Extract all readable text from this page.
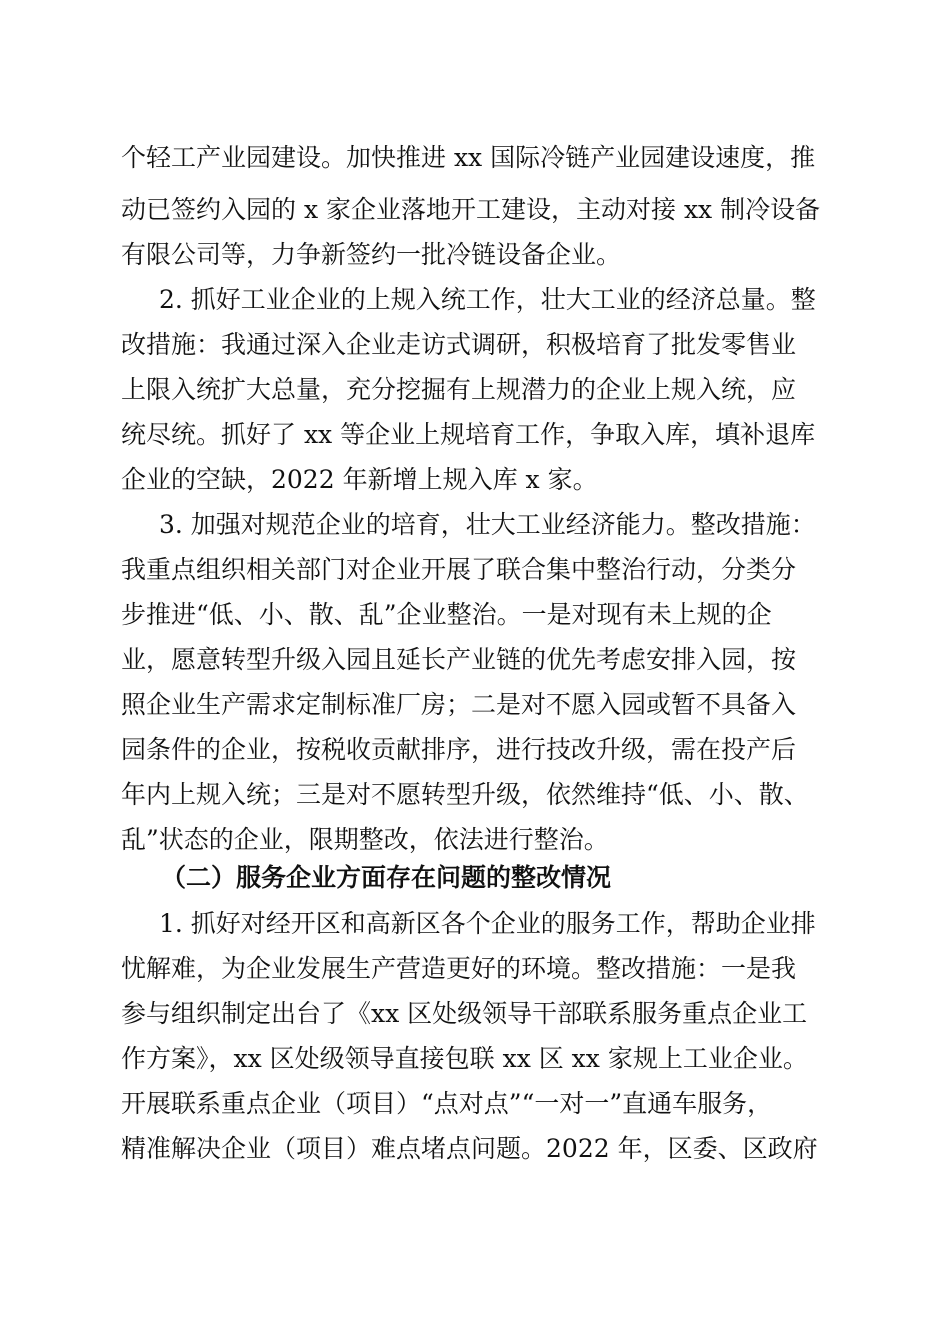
个轻工产业园建设。加快推进 xx 国际冷链产业园建设速度，推
动已签约入园的 x 家企业落地开工建设，主动对接 xx 制冷设备
有限公司等，力争新签约一批冷链设备企业。
2. 抓好工业企业的上规入统工作，壮大工业的经济总量。整
改措施：我通过深入企业走访式调研，积极培育了批发零售业
上限入统扩大总量，充分挖掘有上规潜力的企业上规入统，应
统尽统。抓好了 xx 等企业上规培育工作，争取入库，填补退库
企业的空缺，2022 年新增上规入库 x 家。
3. 加强对规范企业的培育，壮大工业经济能力。整改措施：
我重点组织相关部门对企业开展了联合集中整治行动，分类分
步推进“低、小、散、乱”企业整治。一是对现有未上规的企
业，愿意转型升级入园且延长产业链的优先考虑安排入园，按
照企业生产需求定制标准厂房；二是对不愿入园或暂不具备入
园条件的企业，按税收贡献排序，进行技改升级，需在投产后
年内上规入统；三是对不愿转型升级，依然维持“低、小、散、
乱”状态的企业，限期整改，依法进行整治。
（二）服务企业方面存在问题的整改情况
1. 抓好对经开区和高新区各个企业的服务工作，帮助企业排
忧解难，为企业发展生产营造更好的环境。整改措施：一是我
参与组织制定出台了《xx 区处级领导干部联系服务重点企业工
作方案》，xx 区处级领导直接包联 xx 区 xx 家规上工业企业。
开展联系重点企业（项目）“点对点”“一对一”直通车服务，
精准解决企业（项目）难点堵点问题。2022 年，区委、区政府
